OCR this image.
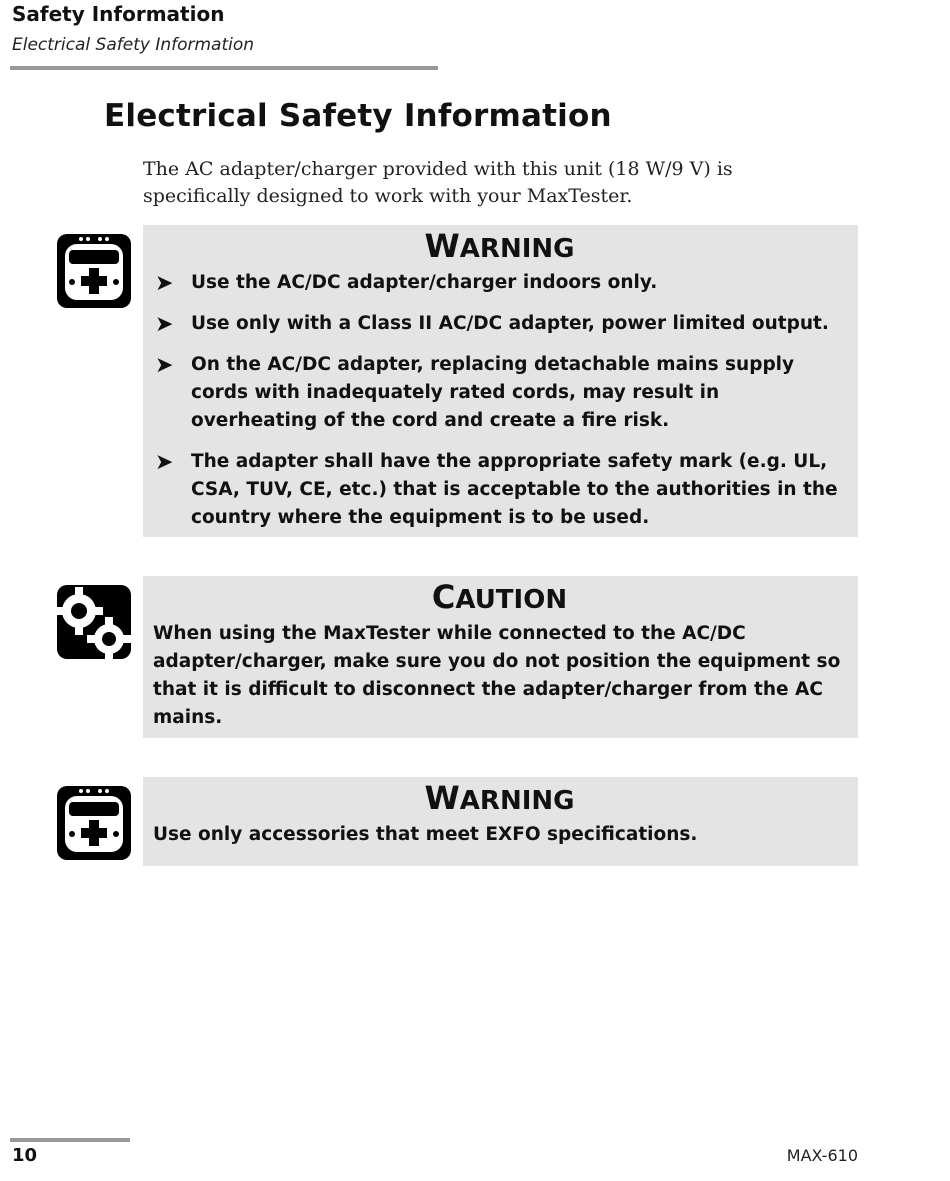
Safety Information
Electrical Safety Information
Electrical Safety Information
The AC adapter/charger provided with this unit (18 W/9 V) is specifically designed to work with your MaxTester.
WARNING
➤ Use the AC/DC adapter/charger indoors only.
➤ Use only with a Class II AC/DC adapter, power limited output.
➤ On the AC/DC adapter, replacing detachable mains supply cords with inadequately rated cords, may result in overheating of the cord and create a fire risk.
➤ The adapter shall have the appropriate safety mark (e.g. UL, CSA, TUV, CE, etc.) that is acceptable to the authorities in the country where the equipment is to be used.
CAUTION
When using the MaxTester while connected to the AC/DC adapter/charger, make sure you do not position the equipment so that it is difficult to disconnect the adapter/charger from the AC mains.
WARNING
Use only accessories that meet EXFO specifications.
10	MAX-610
